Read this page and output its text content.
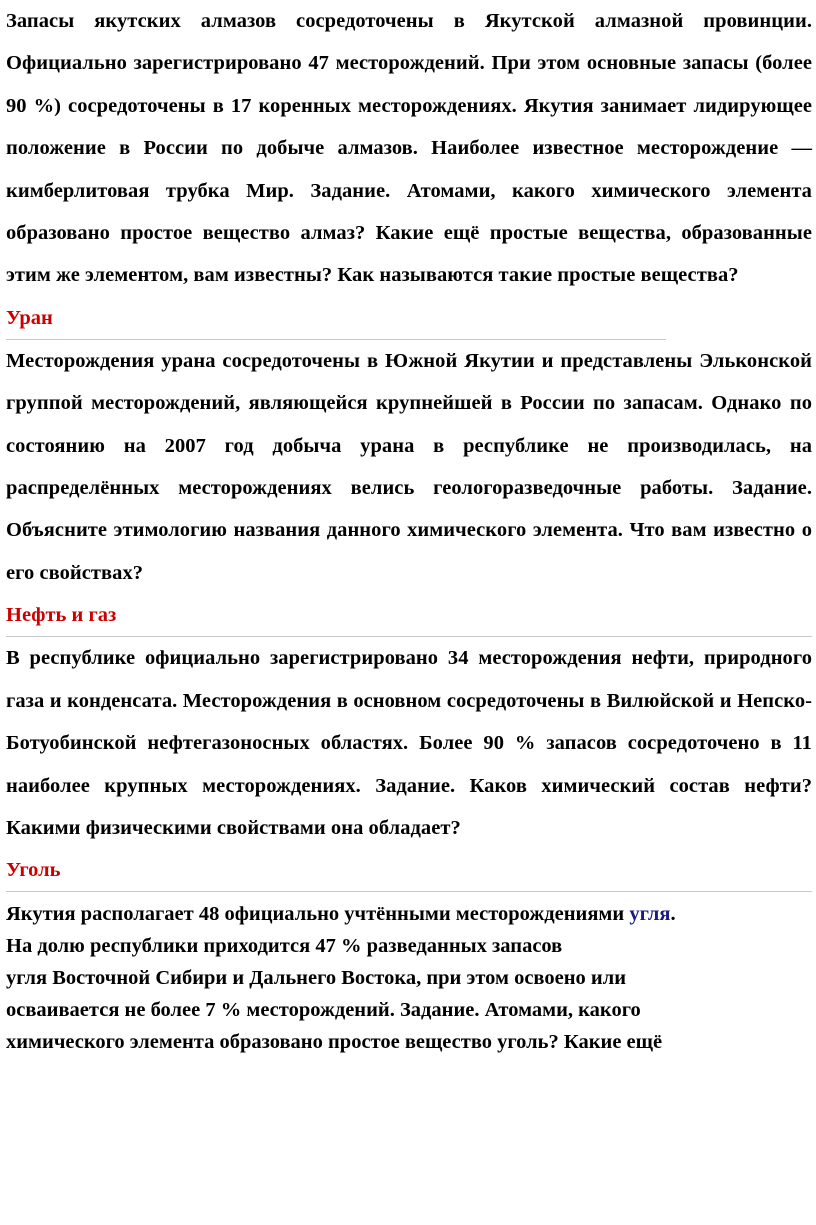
Запасы якутских алмазов сосредоточены в Якутской алмазной провинции. Официально зарегистрировано 47 месторождений. При этом основные запасы (более 90 %) сосредоточены в 17 коренных месторождениях. Якутия занимает лидирующее положение в России по добыче алмазов. Наиболее известное месторождение — кимберлитовая трубка Мир. Задание. Атомами, какого химического элемента образовано простое вещество алмаз? Какие ещё простые вещества, образованные этим же элементом, вам известны? Как называются такие простые вещества?

Уран

Месторождения урана сосредоточены в Южной Якутии и представлены Эльконской группой месторождений, являющейся крупнейшей в России по запасам. Однако по состоянию на 2007 год добыча урана в республике не производилась, на распределённых месторождениях велись геологоразведочные работы. Задание. Объясните этимологию названия данного химического элемента. Что вам известно о его свойствах?

Нефть и газ

В республике официально зарегистрировано 34 месторождения нефти, природного газа и конденсата. Месторождения в основном сосредоточены в Вилюйской и Непско-Ботуобинской нефтегазоносных областях. Более 90 % запасов сосредоточено в 11 наиболее крупных месторождениях. Задание. Каков химический состав нефти? Какими физическими свойствами она обладает?

Уголь
Якутия располагает 48 официально учтёнными месторождениями угля.
На долю республики приходится 47 % разведанных запасов
угля Восточной Сибири и Дальнего Востока, при этом освоено или
осваивается не более 7 % месторождений. Задание. Атомами, какого
химического элемента образовано простое вещество уголь? Какие ещё
